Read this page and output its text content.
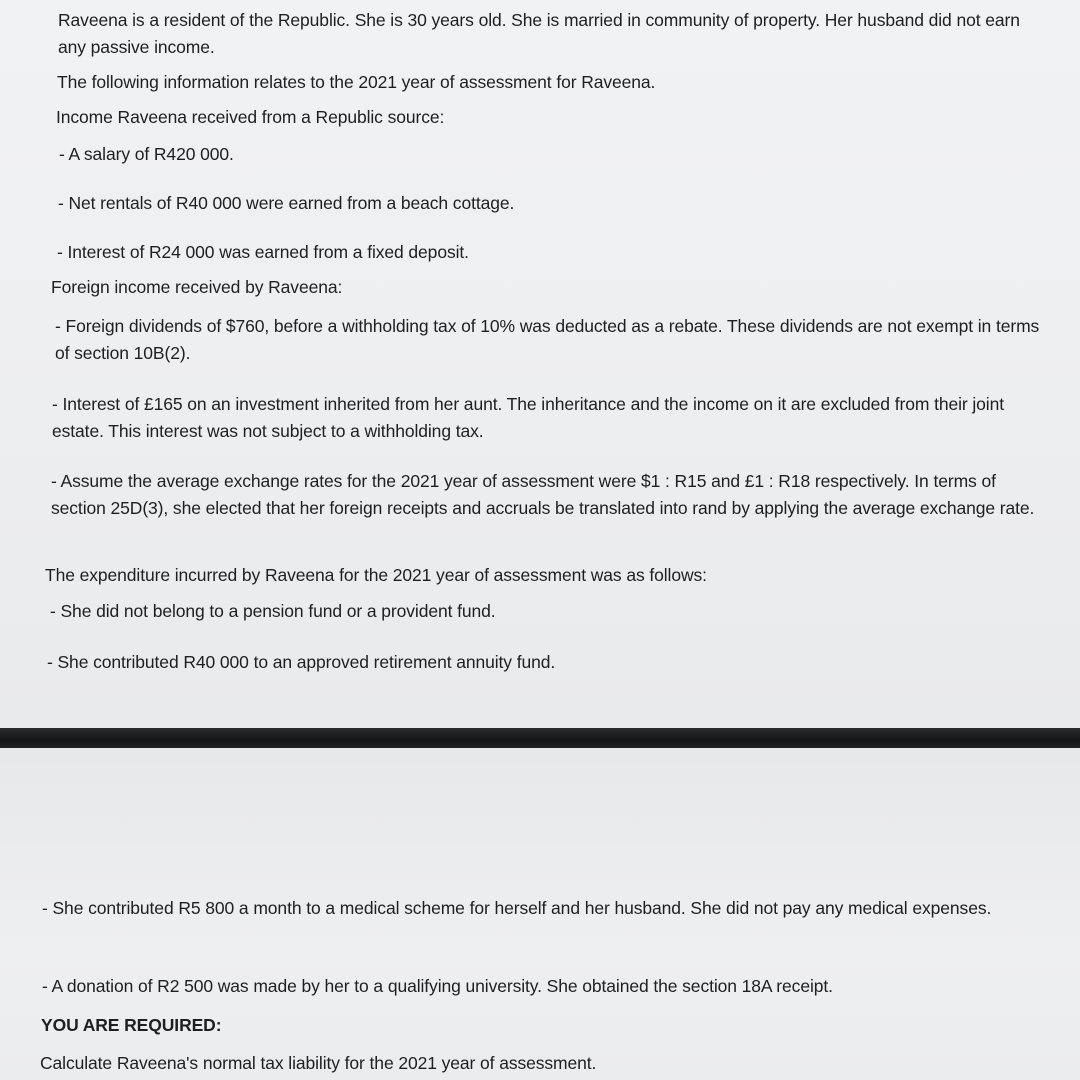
Raveena is a resident of the Republic. She is 30 years old. She is married in community of property. Her husband did not earn any passive income.
The following information relates to the 2021 year of assessment for Raveena.
Income Raveena received from a Republic source:
- A salary of R420 000.
- Net rentals of R40 000 were earned from a beach cottage.
- Interest of R24 000 was earned from a fixed deposit.
Foreign income received by Raveena:
- Foreign dividends of $760, before a withholding tax of 10% was deducted as a rebate. These dividends are not exempt in terms of section 10B(2).
- Interest of £165 on an investment inherited from her aunt. The inheritance and the income on it are excluded from their joint estate. This interest was not subject to a withholding tax.
- Assume the average exchange rates for the 2021 year of assessment were $1 : R15 and £1 : R18 respectively. In terms of section 25D(3), she elected that her foreign receipts and accruals be translated into rand by applying the average exchange rate.
The expenditure incurred by Raveena for the 2021 year of assessment was as follows:
- She did not belong to a pension fund or a provident fund.
- She contributed R40 000 to an approved retirement annuity fund.
- She contributed R5 800 a month to a medical scheme for herself and her husband. She did not pay any medical expenses.
- A donation of R2 500 was made by her to a qualifying university. She obtained the section 18A receipt.
YOU ARE REQUIRED:
Calculate Raveena's normal tax liability for the 2021 year of assessment.
